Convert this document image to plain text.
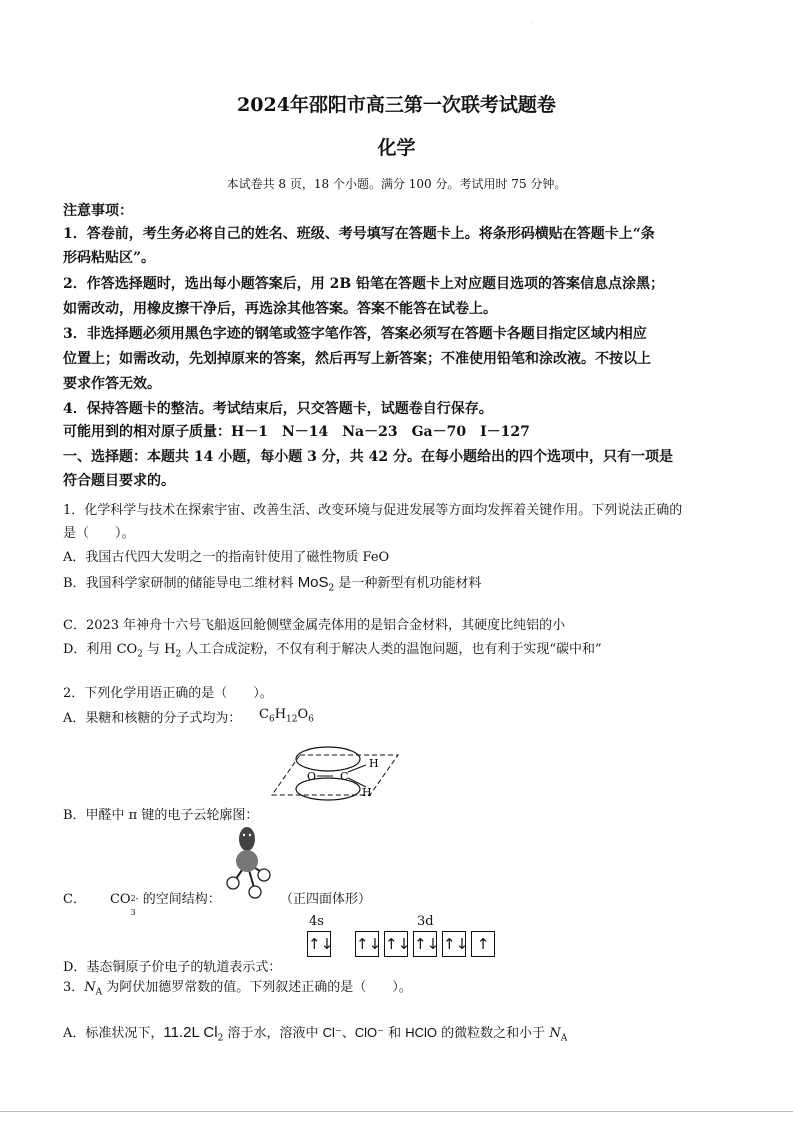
.
2024年邵阳市高三第一次联考试题卷
化学
本试卷共 8 页，18 个小题。满分 100 分。考试用时 75 分钟。
注意事项：
1．答卷前，考生务必将自己的姓名、班级、考号填写在答题卡上。将条形码横贴在答题卡上“条
形码粘贴区”。
2．作答选择题时，选出每小题答案后，用 2B 铅笔在答题卡上对应题目选项的答案信息点涂黑；
如需改动，用橡皮擦干净后，再选涂其他答案。答案不能答在试卷上。
3．非选择题必须用黑色字迹的钢笔或签字笔作答，答案必须写在答题卡各题目指定区域内相应
位置上；如需改动，先划掉原来的答案，然后再写上新答案；不准使用铅笔和涂改液。不按以上
要求作答无效。
4．保持答题卡的整洁。考试结束后，只交答题卡，试题卷自行保存。
可能用到的相对原子质量：H－1　N－14　Na－23　Ga－70　I－127
一、选择题：本题共 14 小题，每小题 3 分，共 42 分。在每小题给出的四个选项中，只有一项是
符合题目要求的。
1．化学科学与技术在探索宇宙、改善生活、改变环境与促进发展等方面均发挥着关键作用。下列说法正确的
是（　　）。
A．我国古代四大发明之一的指南针使用了磁性物质 FeO
B．我国科学家研制的储能导电二维材料 MoS$_2$ 是一种新型有机功能材料
C．2023 年神舟十六号飞船返回舱侧壁金属壳体用的是铝合金材料，其硬度比纯铝的小
D．利用 $CO_2$ 与 $H_2$ 人工合成淀粉，不仅有利于解决人类的温饱问题，也有利于实现“碳中和”
2．下列化学用语正确的是（　　）。
A．果糖和核糖的分子式均为：	$C_6H_{12}O_6$
B．甲醛中 π 键的电子云轮廓图：
O C
H
H
C． CO 2-
3
的空间结构：	（正四面体形）
D．基态铜原子价电子的轨道表示式：
4s	3d
↑↓ ↑↓ ↑↓ ↑↓ ↑↓ ↑
3．$N_A$ 为阿伏加德罗常数的值。下列叙述正确的是（　　）。
A．标准状况下，11.2L $Cl_2$ 溶于水，溶液中 Cl⁻、ClO⁻ 和 HClO 的微粒数之和小于 $N_A$
